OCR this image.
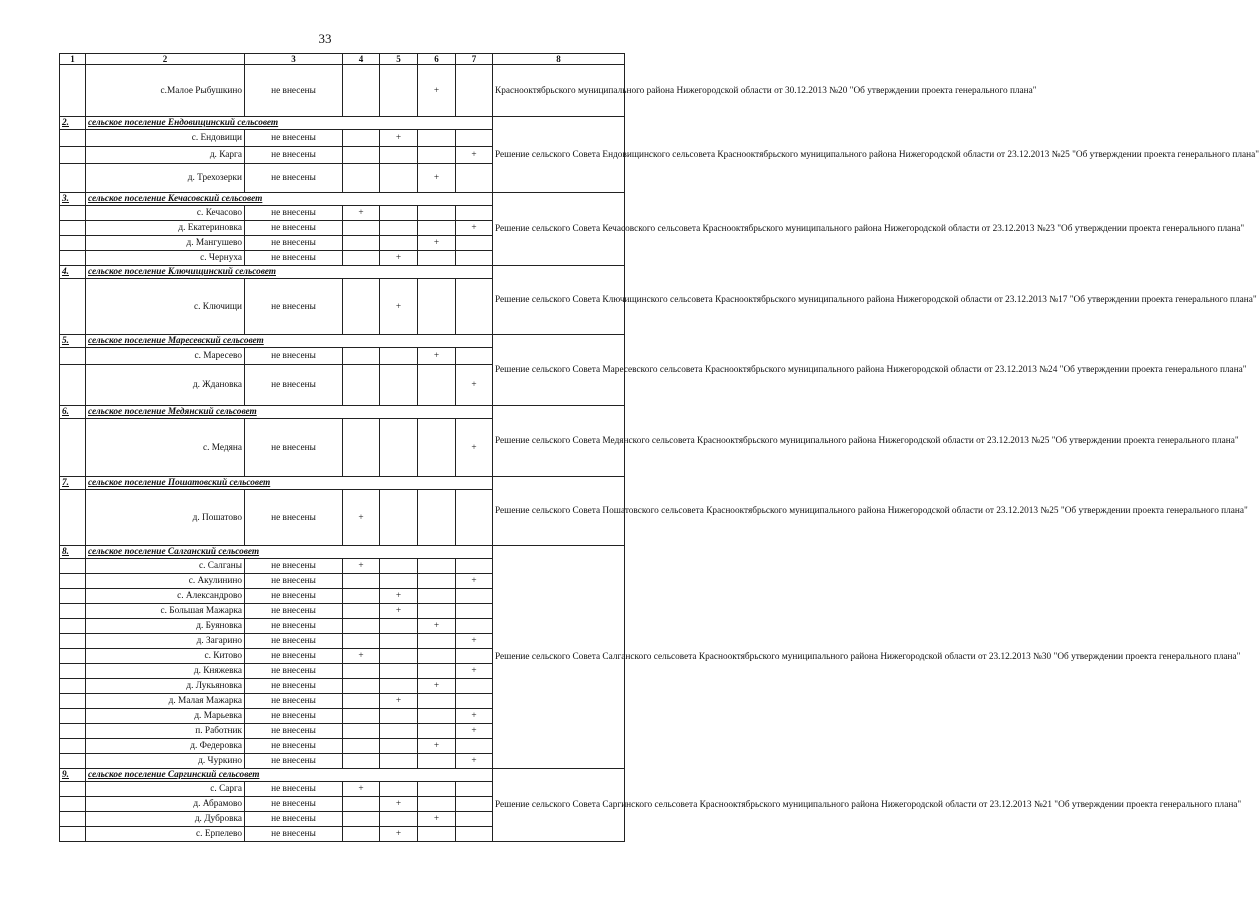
33
1	2	3	4	5	6	7	8
	с.Малое Рыбушкино	не внесены			+		Краснооктябрьского муниципального района Нижегородской области от 30.12.2013 №20 "Об утверждении проекта генерального плана"
2.	сельское поселение Ендовищинский сельсовет						Решение сельского Совета Ендовищинского сельсовета Краснооктябрьского муниципального района Нижегородской области от 23.12.2013 №25 "Об утверждении проекта генерального плана"
	с. Ендовищи	не внесены		+			
	д. Карга	не внесены				+	
	д. Трехозерки	не внесены			+		
3.	сельское поселение Кечасовский сельсовет						Решение сельского Совета Кечасовского сельсовета Краснооктябрьского муниципального района Нижегородской области от 23.12.2013 №23 "Об утверждении проекта генерального плана"
	с. Кечасово	не внесены	+				
	д. Екатериновка	не внесены				+	
	д. Мангушево	не внесены			+		
	с. Чернуха	не внесены		+			
4.	сельское поселение Ключищинский сельсовет						Решение сельского Совета Ключищинского сельсовета Краснооктябрьского муниципального района Нижегородской области от 23.12.2013 №17 "Об утверждении проекта генерального плана"
	с. Ключищи	не внесены		+			
5.	сельское поселение Маресевский сельсовет						Решение сельского Совета Маресевского сельсовета Краснооктябрьского муниципального района Нижегородской области от 23.12.2013 №24 "Об утверждении проекта генерального плана"
	с. Маресево	не внесены			+		
	д. Ждановка	не внесены				+	
6.	сельское поселение Медянский сельсовет						Решение сельского Совета Медянского сельсовета Краснооктябрьского муниципального района Нижегородской области от 23.12.2013 №25 "Об утверждении проекта генерального плана"
	с. Медяна	не внесены				+	
7.	сельское поселение Пошатовский сельсовет						Решение сельского Совета Пошатовского сельсовета Краснооктябрьского муниципального района Нижегородской области от 23.12.2013 №25 "Об утверждении проекта генерального плана"
	д. Пошатово	не внесены	+				
8.	сельское поселение Салганский сельсовет						Решение сельского Совета Салганского сельсовета Краснооктябрьского муниципального района Нижегородской области от 23.12.2013 №30 "Об утверждении проекта генерального плана"
	с. Салганы	не внесены	+				
	с. Акулинино	не внесены				+	
	с. Александрово	не внесены		+			
	с. Большая Мажарка	не внесены		+			
	д. Буяновка	не внесены			+		
	д. Загарино	не внесены				+	
	с. Китово	не внесены	+				
	д. Княжевка	не внесены				+	
	д. Лукьяновка	не внесены			+		
	д. Малая Мажарка	не внесены		+			
	д. Марьевка	не внесены				+	
	п. Работник	не внесены				+	
	д. Федеровка	не внесены			+		
	д. Чуркино	не внесены				+	
9.	сельское поселение Саргинский сельсовет						Решение сельского Совета Саргинского сельсовета Краснооктябрьского муниципального района Нижегородской области от 23.12.2013 №21 "Об утверждении проекта генерального плана"
	с. Сарга	не внесены	+				
	д. Абрамово	не внесены		+			
	д. Дубровка	не внесены			+		
	с. Ерпелево	не внесены		+			
